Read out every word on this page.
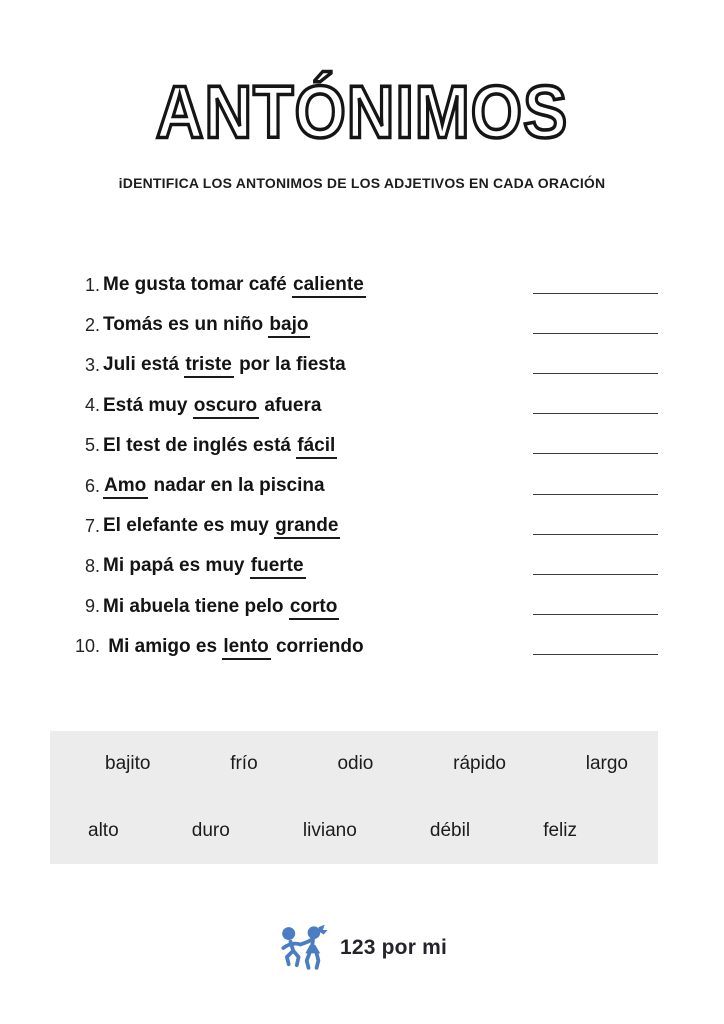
ANTÓNIMOS
iDENTIFICA LOS ANTONIMOS DE LOS ADJETIVOS EN CADA ORACIÓN
1. Me gusta tomar café caliente
2. Tomás es un niño bajo
3. Juli está triste por la fiesta
4. Está muy oscuro afuera
5. El test de inglés está fácil
6. Amo nadar en la piscina
7. El elefante es muy grande
8. Mi papá es muy fuerte
9. Mi abuela tiene pelo corto
10. Mi amigo es lento corriendo
bajito	frío	odio	rápido	largo
alto	duro	liviano	débil	feliz
123 por mi
